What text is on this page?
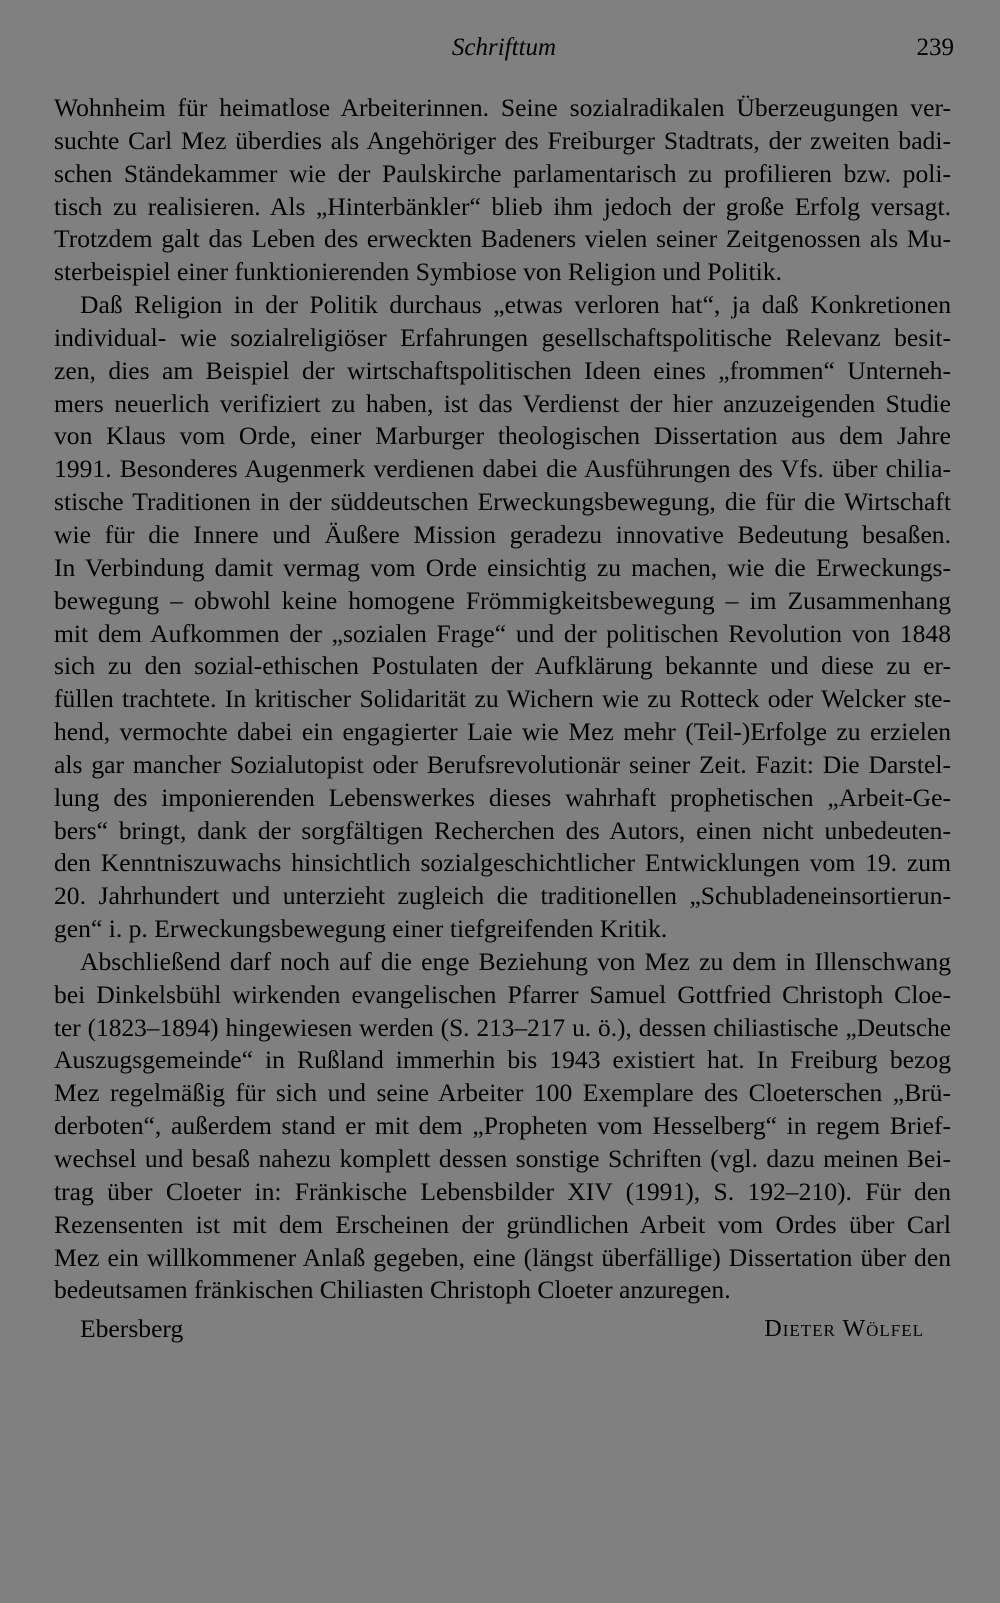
Schrifttum	239

Wohnheim für heimatlose Arbeiterinnen. Seine sozialradikalen Überzeugungen ver-
suchte Carl Mez überdies als Angehöriger des Freiburger Stadtrats, der zweiten badi-
schen Ständekammer wie der Paulskirche parlamentarisch zu profilieren bzw. poli-
tisch zu realisieren. Als „Hinterbänkler“ blieb ihm jedoch der große Erfolg versagt.
Trotzdem galt das Leben des erweckten Badeners vielen seiner Zeitgenossen als Mu-
sterbeispiel einer funktionierenden Symbiose von Religion und Politik.

Daß Religion in der Politik durchaus „etwas verloren hat“, ja daß Konkretionen
individual- wie sozialreligiöser Erfahrungen gesellschaftspolitische Relevanz besit-
zen, dies am Beispiel der wirtschaftspolitischen Ideen eines „frommen“ Unterneh-
mers neuerlich verifiziert zu haben, ist das Verdienst der hier anzuzeigenden Studie
von Klaus vom Orde, einer Marburger theologischen Dissertation aus dem Jahre
1991. Besonderes Augenmerk verdienen dabei die Ausführungen des Vfs. über chilia-
stische Traditionen in der süddeutschen Erweckungsbewegung, die für die Wirtschaft
wie für die Innere und Äußere Mission geradezu innovative Bedeutung besaßen.
In Verbindung damit vermag vom Orde einsichtig zu machen, wie die Erweckungs-
bewegung – obwohl keine homogene Frömmigkeitsbewegung – im Zusammenhang
mit dem Aufkommen der „sozialen Frage“ und der politischen Revolution von 1848
sich zu den sozial-ethischen Postulaten der Aufklärung bekannte und diese zu er-
füllen trachtete. In kritischer Solidarität zu Wichern wie zu Rotteck oder Welcker ste-
hend, vermochte dabei ein engagierter Laie wie Mez mehr (Teil-)Erfolge zu erzielen
als gar mancher Sozialutopist oder Berufsrevolutionär seiner Zeit. Fazit: Die Darstel-
lung des imponierenden Lebenswerkes dieses wahrhaft prophetischen „Arbeit-Ge-
bers“ bringt, dank der sorgfältigen Recherchen des Autors, einen nicht unbedeuten-
den Kenntniszuwachs hinsichtlich sozialgeschichtlicher Entwicklungen vom 19. zum
20. Jahrhundert und unterzieht zugleich die traditionellen „Schubladeneinsortierun-
gen“ i. p. Erweckungsbewegung einer tiefgreifenden Kritik.

Abschließend darf noch auf die enge Beziehung von Mez zu dem in Illenschwang
bei Dinkelsbühl wirkenden evangelischen Pfarrer Samuel Gottfried Christoph Cloe-
ter (1823–1894) hingewiesen werden (S. 213–217 u. ö.), dessen chiliastische „Deutsche
Auszugsgemeinde“ in Rußland immerhin bis 1943 existiert hat. In Freiburg bezog
Mez regelmäßig für sich und seine Arbeiter 100 Exemplare des Cloeterschen „Brü-
derboten“, außerdem stand er mit dem „Propheten vom Hesselberg“ in regem Brief-
wechsel und besaß nahezu komplett dessen sonstige Schriften (vgl. dazu meinen Bei-
trag über Cloeter in: Fränkische Lebensbilder XIV (1991), S. 192–210). Für den
Rezensenten ist mit dem Erscheinen der gründlichen Arbeit vom Ordes über Carl
Mez ein willkommener Anlaß gegeben, eine (längst überfällige) Dissertation über den
bedeutsamen fränkischen Chiliasten Christoph Cloeter anzuregen.

Ebersberg	Dieter Wölfel
